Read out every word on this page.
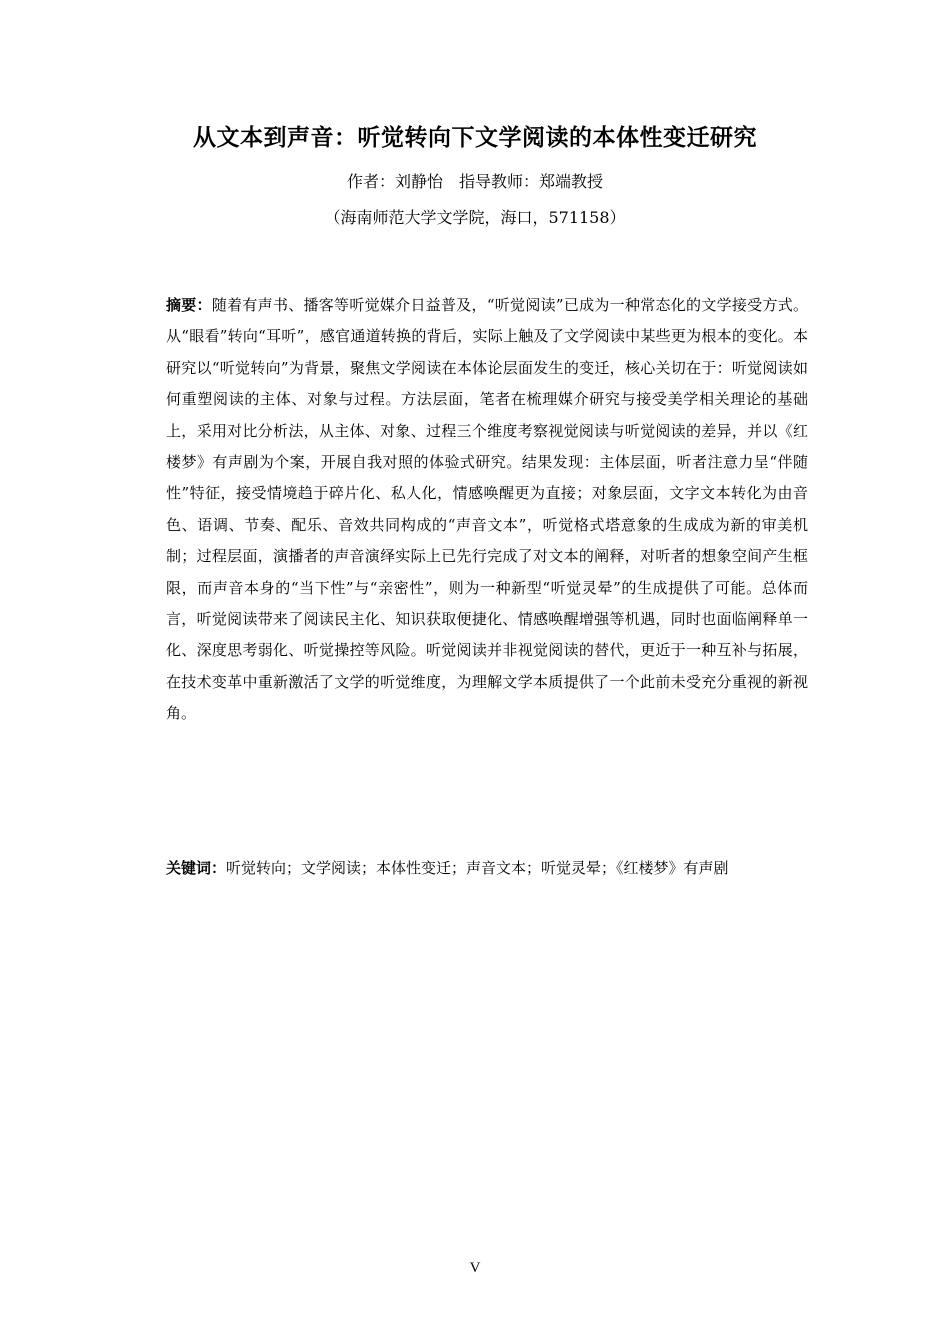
从文本到声音：听觉转向下文学阅读的本体性变迁研究
作者：刘静怡　指导教师：郑端教授
（海南师范大学文学院，海口，571158）
摘要：随着有声书、播客等听觉媒介日益普及，“听觉阅读”已成为一种常态化的文学接受方式。从“眼看”转向“耳听”，感官通道转换的背后，实际上触及了文学阅读中某些更为根本的变化。本研究以“听觉转向”为背景，聚焦文学阅读在本体论层面发生的变迁，核心关切在于：听觉阅读如何重塑阅读的主体、对象与过程。方法层面，笔者在梳理媒介研究与接受美学相关理论的基础上，采用对比分析法，从主体、对象、过程三个维度考察视觉阅读与听觉阅读的差异，并以《红楼梦》有声剧为个案，开展自我对照的体验式研究。结果发现：主体层面，听者注意力呈“伴随性”特征，接受情境趋于碎片化、私人化，情感唤醒更为直接；对象层面，文字文本转化为由音色、语调、节奏、配乐、音效共同构成的“声音文本”，听觉格式塔意象的生成成为新的审美机制；过程层面，演播者的声音演绎实际上已先行完成了对文本的阐释，对听者的想象空间产生框限，而声音本身的“当下性”与“亲密性”，则为一种新型“听觉灵晕”的生成提供了可能。总体而言，听觉阅读带来了阅读民主化、知识获取便捷化、情感唤醒增强等机遇，同时也面临阐释单一化、深度思考弱化、听觉操控等风险。听觉阅读并非视觉阅读的替代，更近于一种互补与拓展，在技术变革中重新激活了文学的听觉维度，为理解文学本质提供了一个此前未受充分重视的新视角。
关键词：听觉转向；文学阅读；本体性变迁；声音文本；听觉灵晕；《红楼梦》有声剧
V
